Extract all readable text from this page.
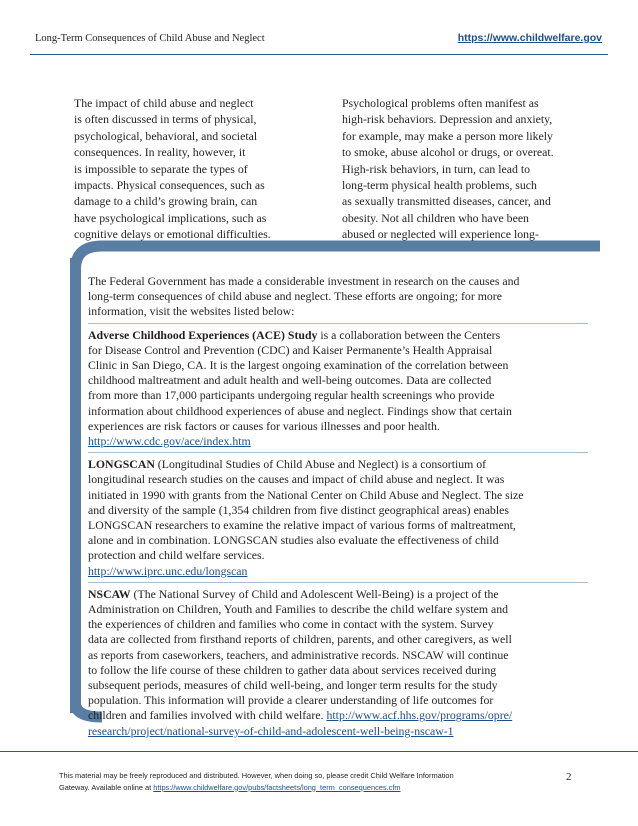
Long-Term Consequences of Child Abuse and Neglect	https://www.childwelfare.gov
The impact of child abuse and neglect
is often discussed in terms of physical,
psychological, behavioral, and societal
consequences. In reality, however, it
is impossible to separate the types of
impacts. Physical consequences, such as
damage to a child’s growing brain, can
have psychological implications, such as
cognitive delays or emotional difficulties.
Psychological problems often manifest as
high-risk behaviors. Depression and anxiety,
for example, may make a person more likely
to smoke, abuse alcohol or drugs, or overeat.
High-risk behaviors, in turn, can lead to
long-term physical health problems, such
as sexually transmitted diseases, cancer, and
obesity. Not all children who have been
abused or neglected will experience long-

The Federal Government has made a considerable investment in research on the causes and
long-term consequences of child abuse and neglect. These efforts are ongoing; for more
information, visit the websites listed below:

Adverse Childhood Experiences (ACE) Study is a collaboration between the Centers
for Disease Control and Prevention (CDC) and Kaiser Permanente’s Health Appraisal
Clinic in San Diego, CA. It is the largest ongoing examination of the correlation between
childhood maltreatment and adult health and well-being outcomes. Data are collected
from more than 17,000 participants undergoing regular health screenings who provide
information about childhood experiences of abuse and neglect. Findings show that certain
experiences are risk factors or causes for various illnesses and poor health.
http://www.cdc.gov/ace/index.htm

LONGSCAN (Longitudinal Studies of Child Abuse and Neglect) is a consortium of
longitudinal research studies on the causes and impact of child abuse and neglect. It was
initiated in 1990 with grants from the National Center on Child Abuse and Neglect. The size
and diversity of the sample (1,354 children from five distinct geographical areas) enables
LONGSCAN researchers to examine the relative impact of various forms of maltreatment,
alone and in combination. LONGSCAN studies also evaluate the effectiveness of child
protection and child welfare services.
http://www.iprc.unc.edu/longscan

NSCAW (The National Survey of Child and Adolescent Well-Being) is a project of the
Administration on Children, Youth and Families to describe the child welfare system and
the experiences of children and families who come in contact with the system. Survey
data are collected from firsthand reports of children, parents, and other caregivers, as well
as reports from caseworkers, teachers, and administrative records. NSCAW will continue
to follow the life course of these children to gather data about services received during
subsequent periods, measures of child well-being, and longer term results for the study
population. This information will provide a clearer understanding of life outcomes for
children and families involved with child welfare. http://www.acf.hhs.gov/programs/opre/
research/project/national-survey-of-child-and-adolescent-well-being-nscaw-1

This material may be freely reproduced and distributed. However, when doing so, please credit Child Welfare Information
Gateway. Available online at https://www.childwelfare.gov/pubs/factsheets/long_term_consequences.cfm
2
